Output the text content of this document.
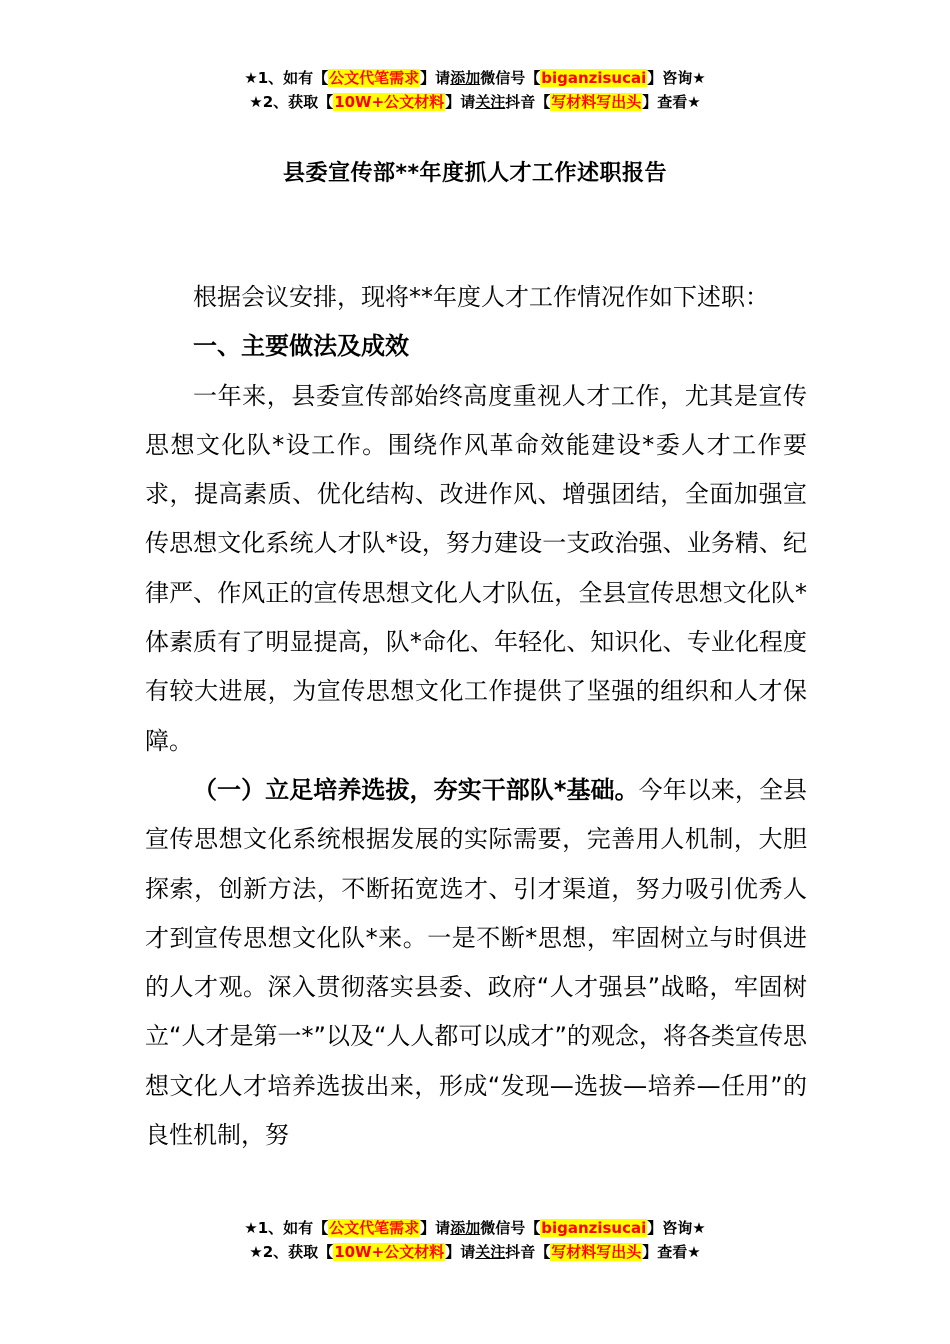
★1、如有【公文代笔需求】请添加微信号【biganzisucai】咨询★
★2、获取【10W+公文材料】请关注抖音【写材料写出头】查看★
县委宣传部**年度抓人才工作述职报告

根据会议安排，现将**年度人才工作情况作如下述职：

一、主要做法及成效

一年来，县委宣传部始终高度重视人才工作，尤其是宣传思想文化队*设工作。围绕作风革命效能建设*委人才工作要求，提高素质、优化结构、改进作风、增强团结，全面加强宣传思想文化系统人才队*设，努力建设一支政治强、业务精、纪律严、作风正的宣传思想文化人才队伍，全县宣传思想文化队*体素质有了明显提高，队*命化、年轻化、知识化、专业化程度有较大进展，为宣传思想文化工作提供了坚强的组织和人才保障。

（一）立足培养选拔，夯实干部队*基础。今年以来，全县宣传思想文化系统根据发展的实际需要，完善用人机制，大胆探索，创新方法，不断拓宽选才、引才渠道，努力吸引优秀人才到宣传思想文化队*来。一是不断*思想，牢固树立与时俱进的人才观。深入贯彻落实县委、政府“人才强县”战略，牢固树立“人才是第一*”以及“人人都可以成才”的观念，将各类宣传思想文化人才培养选拔出来，形成“发现—选拔—培养—任用”的良性机制，努

★1、如有【公文代笔需求】请添加微信号【biganzisucai】咨询★
★2、获取【10W+公文材料】请关注抖音【写材料写出头】查看★
